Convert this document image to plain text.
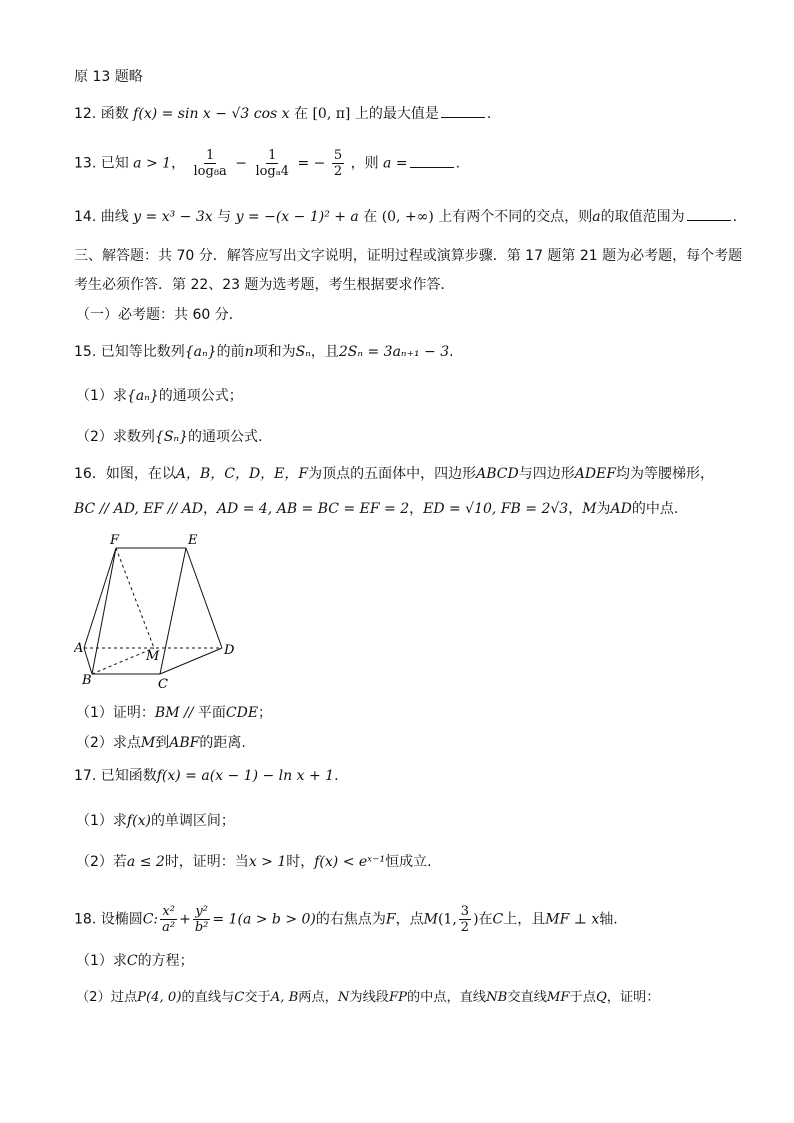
原 13 题略
12. 函数 f(x) = sin x − √3 cos x 在 [0, π] 上的最大值是	.
13. 已知 a > 1， $\frac{1}{\text{log₈a}} - \frac{1}{\text{logₐ4}}$ = − $\frac{5}{2}$ ，则 a =	.
14. 曲线 y = x³ − 3x 与 y = −(x − 1)² + a 在 (0, +∞) 上有两个不同的交点，则a的取值范围为	.
三、解答题：共 70 分．解答应写出文字说明，证明过程或演算步骤．第 17 题第 21 题为必考题，每个考题
考生必须作答．第 22、23 题为选考题，考生根据要求作答．
（一）必考题：共 60 分．
15. 已知等比数列{aₙ}的前n项和为Sₙ，且2Sₙ = 3aₙ₊₁ − 3.
（1）求{aₙ}的通项公式；
（2）求数列{Sₙ}的通项公式.
16．如图，在以A，B，C，D，E，F为顶点的五面体中，四边形ABCD与四边形ADEF均为等腰梯形，
BC // AD, EF // AD，AD = 4, AB = BC = EF = 2，ED = √10, FB = 2√3，M为AD的中点.
F	E
A
M	D
B	C
（1）证明：BM // 平面CDE；
（2）求点M到ABF的距离.
17. 已知函数f(x) = a(x − 1) − ln x + 1.
（1）求f(x)的单调区间；
（2）若a ≤ 2时，证明：当x > 1时，f(x) < eˣ⁻¹恒成立.
18. 设椭圆C: $\frac{\text{x²}}{\text{a²}} + \frac{\text{y²}}{\text{b²}} = 1(a > b > 0)$的右焦点为F，点M(1, $\frac{3}{2}$ )在C上，且MF ⊥ x轴.
（1）求C的方程；
（2）过点P(4, 0)的直线与C交于A, B两点，N为线段FP的中点，直线NB交直线MF于点Q，证明：
